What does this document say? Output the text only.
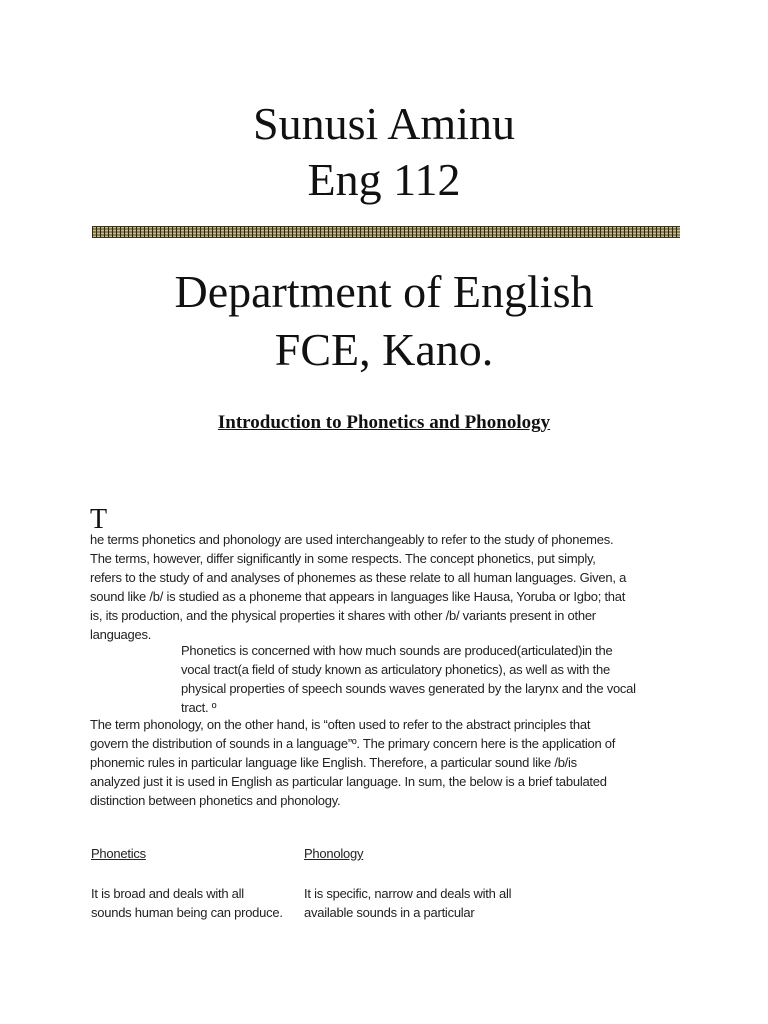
Sunusi Aminu
Eng 112
Department of English
FCE, Kano.
Introduction to Phonetics and Phonology
T
he terms phonetics and phonology are used interchangeably to refer to the study of phonemes.
The terms, however, differ significantly in some respects. The concept phonetics, put simply,
refers to the study of and analyses of phonemes as these relate to all human languages. Given, a
sound like /b/ is studied as a phoneme that appears in languages like Hausa, Yoruba or Igbo; that
is, its production, and the physical properties it shares with other /b/ variants present in other
languages.
Phonetics is concerned with how much sounds are produced(articulated)in the
vocal tract(a field of study known as articulatory phonetics), as well as with the
physical properties of speech sounds waves generated by the larynx and the vocal
tract. º
The term phonology, on the other hand, is “often used to refer to the abstract principles that
govern the distribution of sounds in a language”º. The primary concern here is the application of
phonemic rules in particular language like English. Therefore, a particular sound like /b/is
analyzed just it is used in English as particular language. In sum, the below is a brief tabulated
distinction between phonetics and phonology.
Phonetics	Phonology
It is broad and deals with all
sounds human being can produce.
It is specific, narrow and deals with all
available sounds in a particular
